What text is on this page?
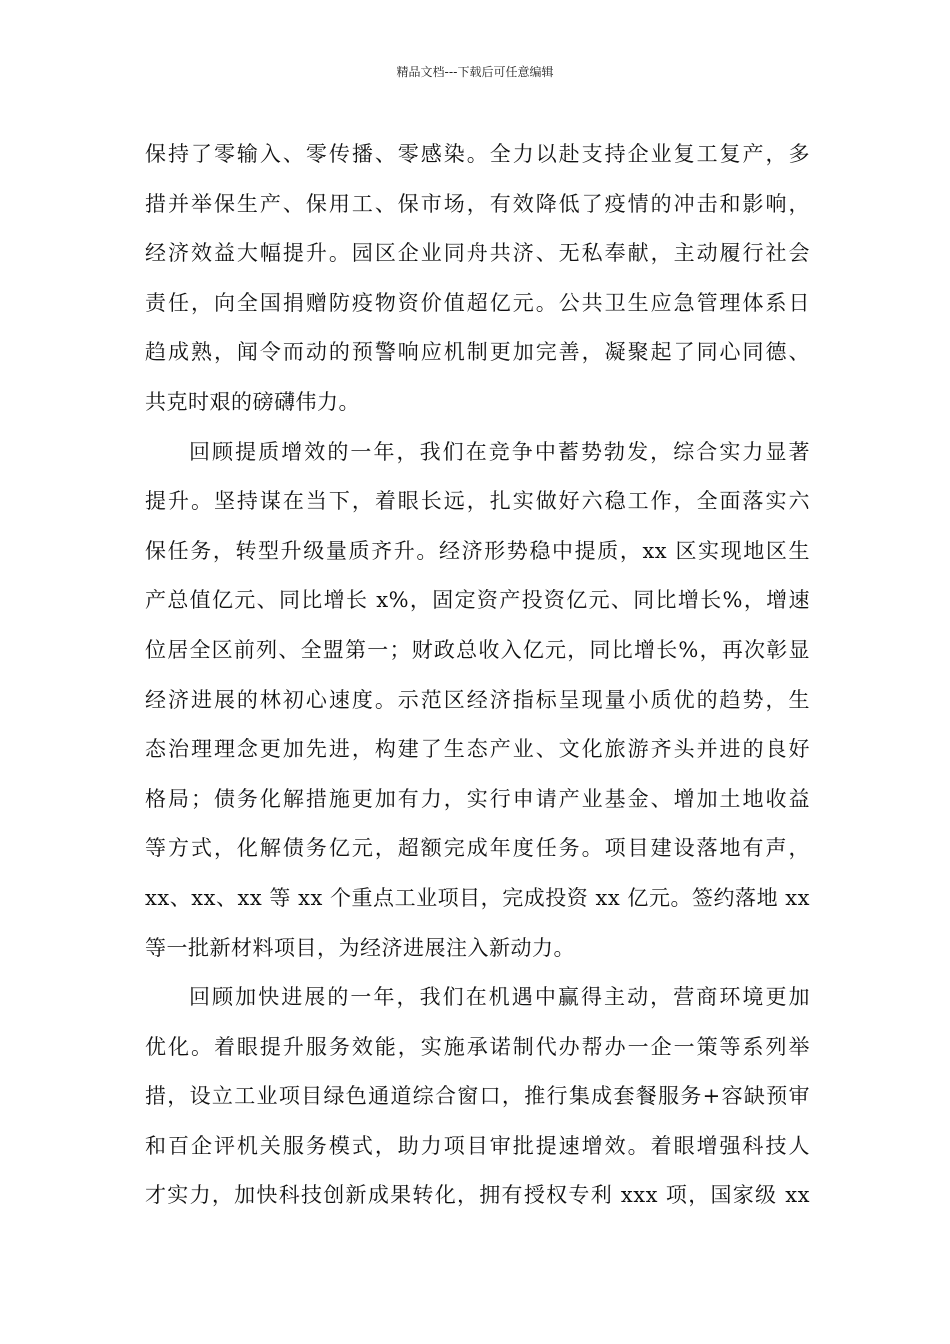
精品文档---下载后可任意编辑
保持了零输入、零传播、零感染。全力以赴支持企业复工复产，多
措并举保生产、保用工、保市场，有效降低了疫情的冲击和影响，
经济效益大幅提升。园区企业同舟共济、无私奉献，主动履行社会
责任，向全国捐赠防疫物资价值超亿元。公共卫生应急管理体系日
趋成熟，闻令而动的预警响应机制更加完善，凝聚起了同心同德、
共克时艰的磅礴伟力。
回顾提质增效的一年，我们在竞争中蓄势勃发，综合实力显著
提升。坚持谋在当下，着眼长远，扎实做好六稳工作，全面落实六
保任务，转型升级量质齐升。经济形势稳中提质，xx 区实现地区生
产总值亿元、同比增长 x%，固定资产投资亿元、同比增长%，增速
位居全区前列、全盟第一；财政总收入亿元，同比增长%，再次彰显
经济进展的林初心速度。示范区经济指标呈现量小质优的趋势，生
态治理理念更加先进，构建了生态产业、文化旅游齐头并进的良好
格局；债务化解措施更加有力，实行申请产业基金、增加土地收益
等方式，化解债务亿元，超额完成年度任务。项目建设落地有声，
xx、xx、xx 等 xx 个重点工业项目，完成投资 xx 亿元。签约落地 xx
等一批新材料项目，为经济进展注入新动力。
回顾加快进展的一年，我们在机遇中赢得主动，营商环境更加
优化。着眼提升服务效能，实施承诺制代办帮办一企一策等系列举
措，设立工业项目绿色通道综合窗口，推行集成套餐服务+容缺预审
和百企评机关服务模式，助力项目审批提速增效。着眼增强科技人
才实力，加快科技创新成果转化，拥有授权专利 xxx 项，国家级 xx
